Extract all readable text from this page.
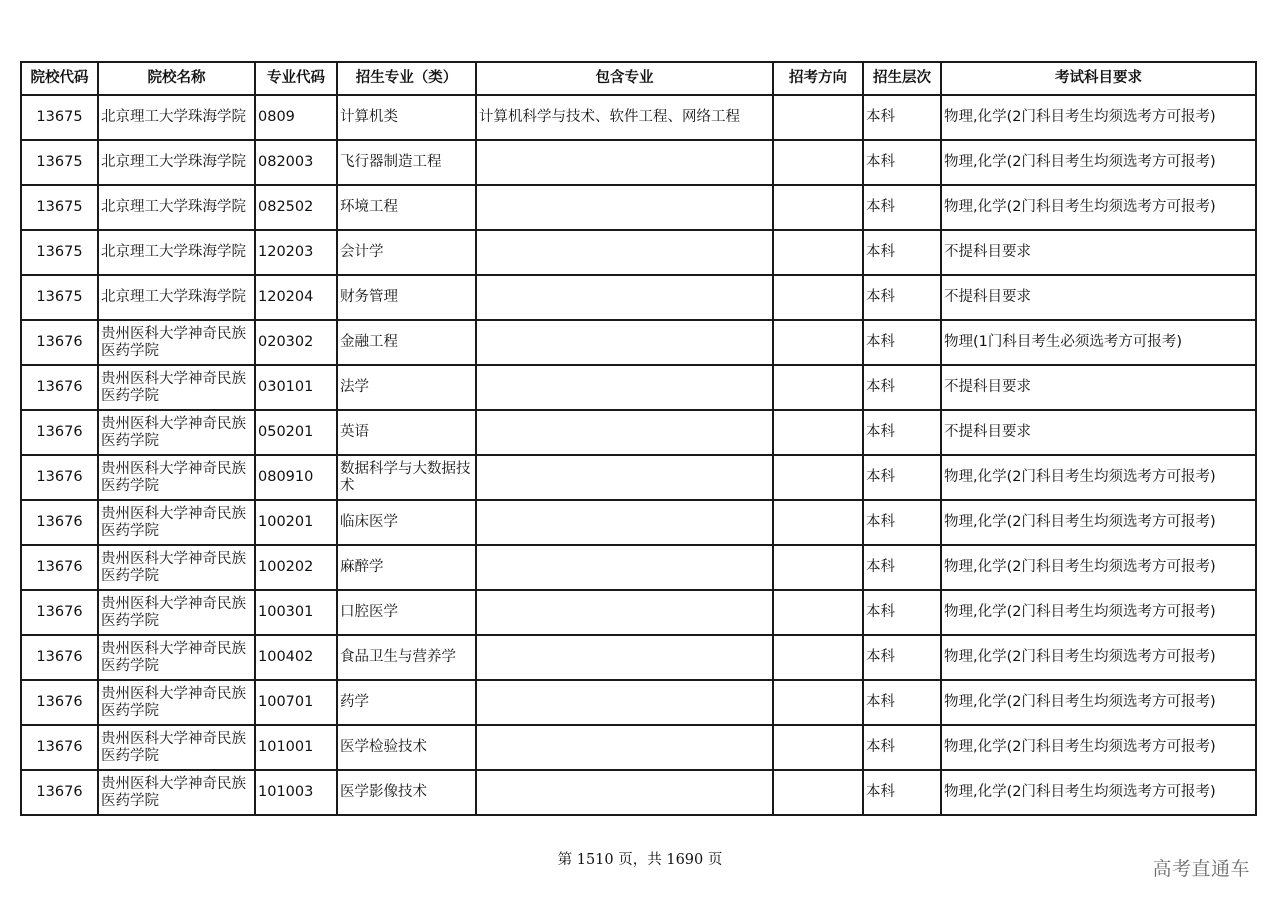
院校代码	院校名称	专业代码	招生专业（类）	包含专业	招考方向	招生层次	考试科目要求
13675	北京理工大学珠海学院	0809	计算机类	计算机科学与技术、软件工程、网络工程		本科	物理,化学(2门科目考生均须选考方可报考)
13675	北京理工大学珠海学院	082003	飞行器制造工程			本科	物理,化学(2门科目考生均须选考方可报考)
13675	北京理工大学珠海学院	082502	环境工程			本科	物理,化学(2门科目考生均须选考方可报考)
13675	北京理工大学珠海学院	120203	会计学			本科	不提科目要求
13675	北京理工大学珠海学院	120204	财务管理			本科	不提科目要求
13676	贵州医科大学神奇民族医药学院	020302	金融工程			本科	物理(1门科目考生必须选考方可报考)
13676	贵州医科大学神奇民族医药学院	030101	法学			本科	不提科目要求
13676	贵州医科大学神奇民族医药学院	050201	英语			本科	不提科目要求
13676	贵州医科大学神奇民族医药学院	080910	数据科学与大数据技术			本科	物理,化学(2门科目考生均须选考方可报考)
13676	贵州医科大学神奇民族医药学院	100201	临床医学			本科	物理,化学(2门科目考生均须选考方可报考)
13676	贵州医科大学神奇民族医药学院	100202	麻醉学			本科	物理,化学(2门科目考生均须选考方可报考)
13676	贵州医科大学神奇民族医药学院	100301	口腔医学			本科	物理,化学(2门科目考生均须选考方可报考)
13676	贵州医科大学神奇民族医药学院	100402	食品卫生与营养学			本科	物理,化学(2门科目考生均须选考方可报考)
13676	贵州医科大学神奇民族医药学院	100701	药学			本科	物理,化学(2门科目考生均须选考方可报考)
13676	贵州医科大学神奇民族医药学院	101001	医学检验技术			本科	物理,化学(2门科目考生均须选考方可报考)
13676	贵州医科大学神奇民族医药学院	101003	医学影像技术			本科	物理,化学(2门科目考生均须选考方可报考)
第 1510 页，共 1690 页	高考直通车
